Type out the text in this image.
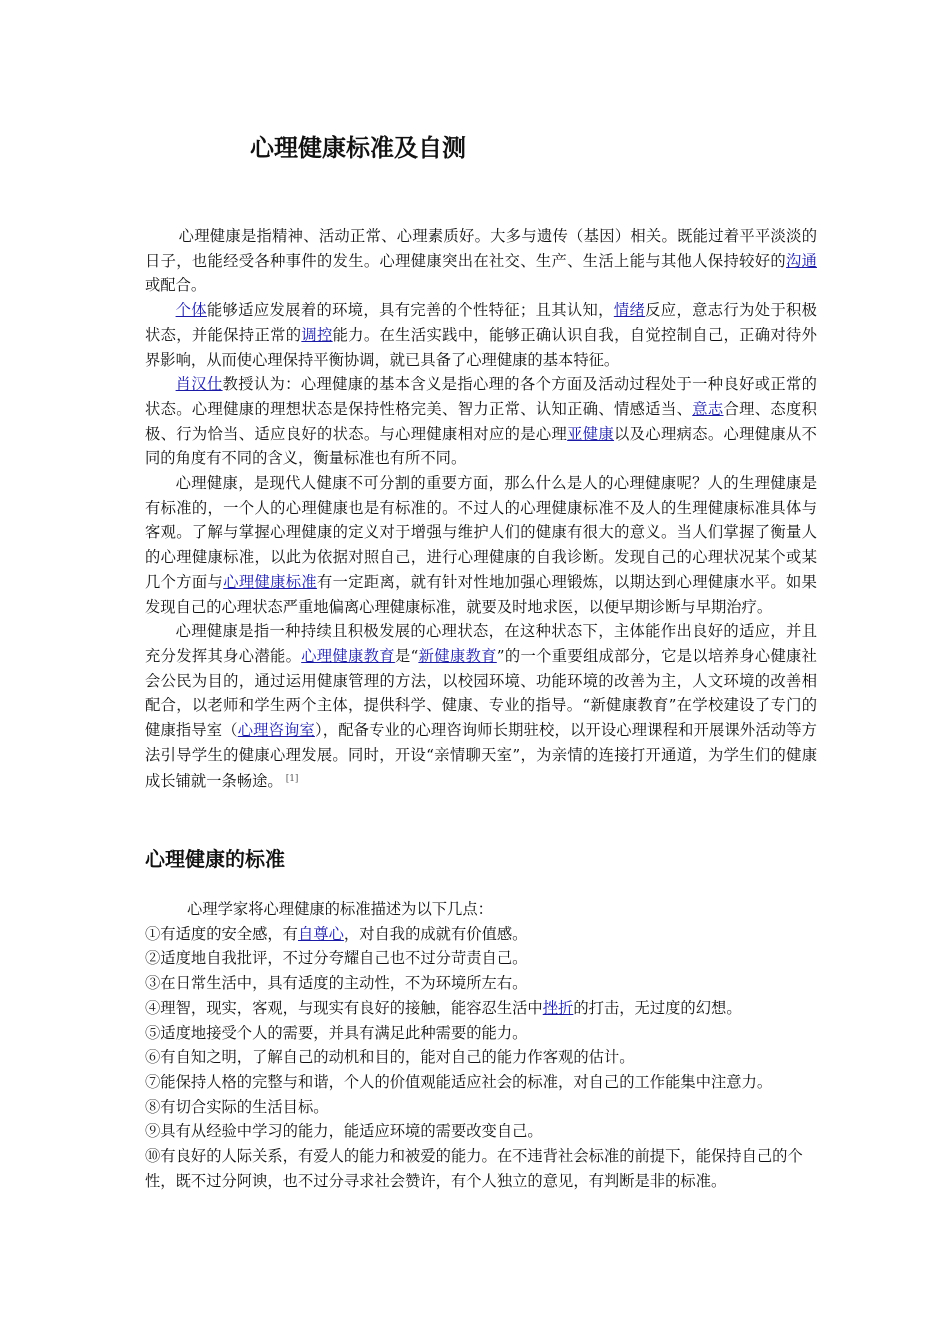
心理健康标准及自测

心理健康是指精神、活动正常、心理素质好。大多与遗传（基因）相关。既能过着平平淡淡的日子，也能经受各种事件的发生。心理健康突出在社交、生产、生活上能与其他人保持较好的沟通或配合。

个体能够适应发展着的环境，具有完善的个性特征；且其认知，情绪反应，意志行为处于积极状态，并能保持正常的调控能力。在生活实践中，能够正确认识自我，自觉控制自己，正确对待外界影响，从而使心理保持平衡协调，就已具备了心理健康的基本特征。

肖汉仕教授认为：心理健康的基本含义是指心理的各个方面及活动过程处于一种良好或正常的状态。心理健康的理想状态是保持性格完美、智力正常、认知正确、情感适当、意志合理、态度积极、行为恰当、适应良好的状态。与心理健康相对应的是心理亚健康以及心理病态。心理健康从不同的角度有不同的含义，衡量标准也有所不同。

心理健康，是现代人健康不可分割的重要方面，那么什么是人的心理健康呢？人的生理健康是有标准的，一个人的心理健康也是有标准的。不过人的心理健康标准不及人的生理健康标准具体与客观。了解与掌握心理健康的定义对于增强与维护人们的健康有很大的意义。当人们掌握了衡量人的心理健康标准，以此为依据对照自己，进行心理健康的自我诊断。发现自己的心理状况某个或某几个方面与心理健康标准有一定距离，就有针对性地加强心理锻炼，以期达到心理健康水平。如果发现自己的心理状态严重地偏离心理健康标准，就要及时地求医，以便早期诊断与早期治疗。

心理健康是指一种持续且积极发展的心理状态，在这种状态下，主体能作出良好的适应，并且充分发挥其身心潜能。心理健康教育是“新健康教育”的一个重要组成部分，它是以培养身心健康社会公民为目的，通过运用健康管理的方法，以校园环境、功能环境的改善为主，人文环境的改善相配合，以老师和学生两个主体，提供科学、健康、专业的指导。“新健康教育”在学校建设了专门的健康指导室（心理咨询室），配备专业的心理咨询师长期驻校，以开设心理课程和开展课外活动等方法引导学生的健康心理发展。同时，开设“亲情聊天室”，为亲情的连接打开通道，为学生们的健康成长铺就一条畅途。 [1]

心理健康的标准

心理学家将心理健康的标准描述为以下几点：

①有适度的安全感，有自尊心，对自我的成就有价值感。
②适度地自我批评，不过分夸耀自己也不过分苛责自己。
③在日常生活中，具有适度的主动性，不为环境所左右。
④理智，现实，客观，与现实有良好的接触，能容忍生活中挫折的打击，无过度的幻想。
⑤适度地接受个人的需要，并具有满足此种需要的能力。
⑥有自知之明，了解自己的动机和目的，能对自己的能力作客观的估计。
⑦能保持人格的完整与和谐，个人的价值观能适应社会的标准，对自己的工作能集中注意力。
⑧有切合实际的生活目标。
⑨具有从经验中学习的能力，能适应环境的需要改变自己。
⑩有良好的人际关系，有爱人的能力和被爱的能力。在不违背社会标准的前提下，能保持自己的个性，既不过分阿谀，也不过分寻求社会赞许，有个人独立的意见，有判断是非的标准。
